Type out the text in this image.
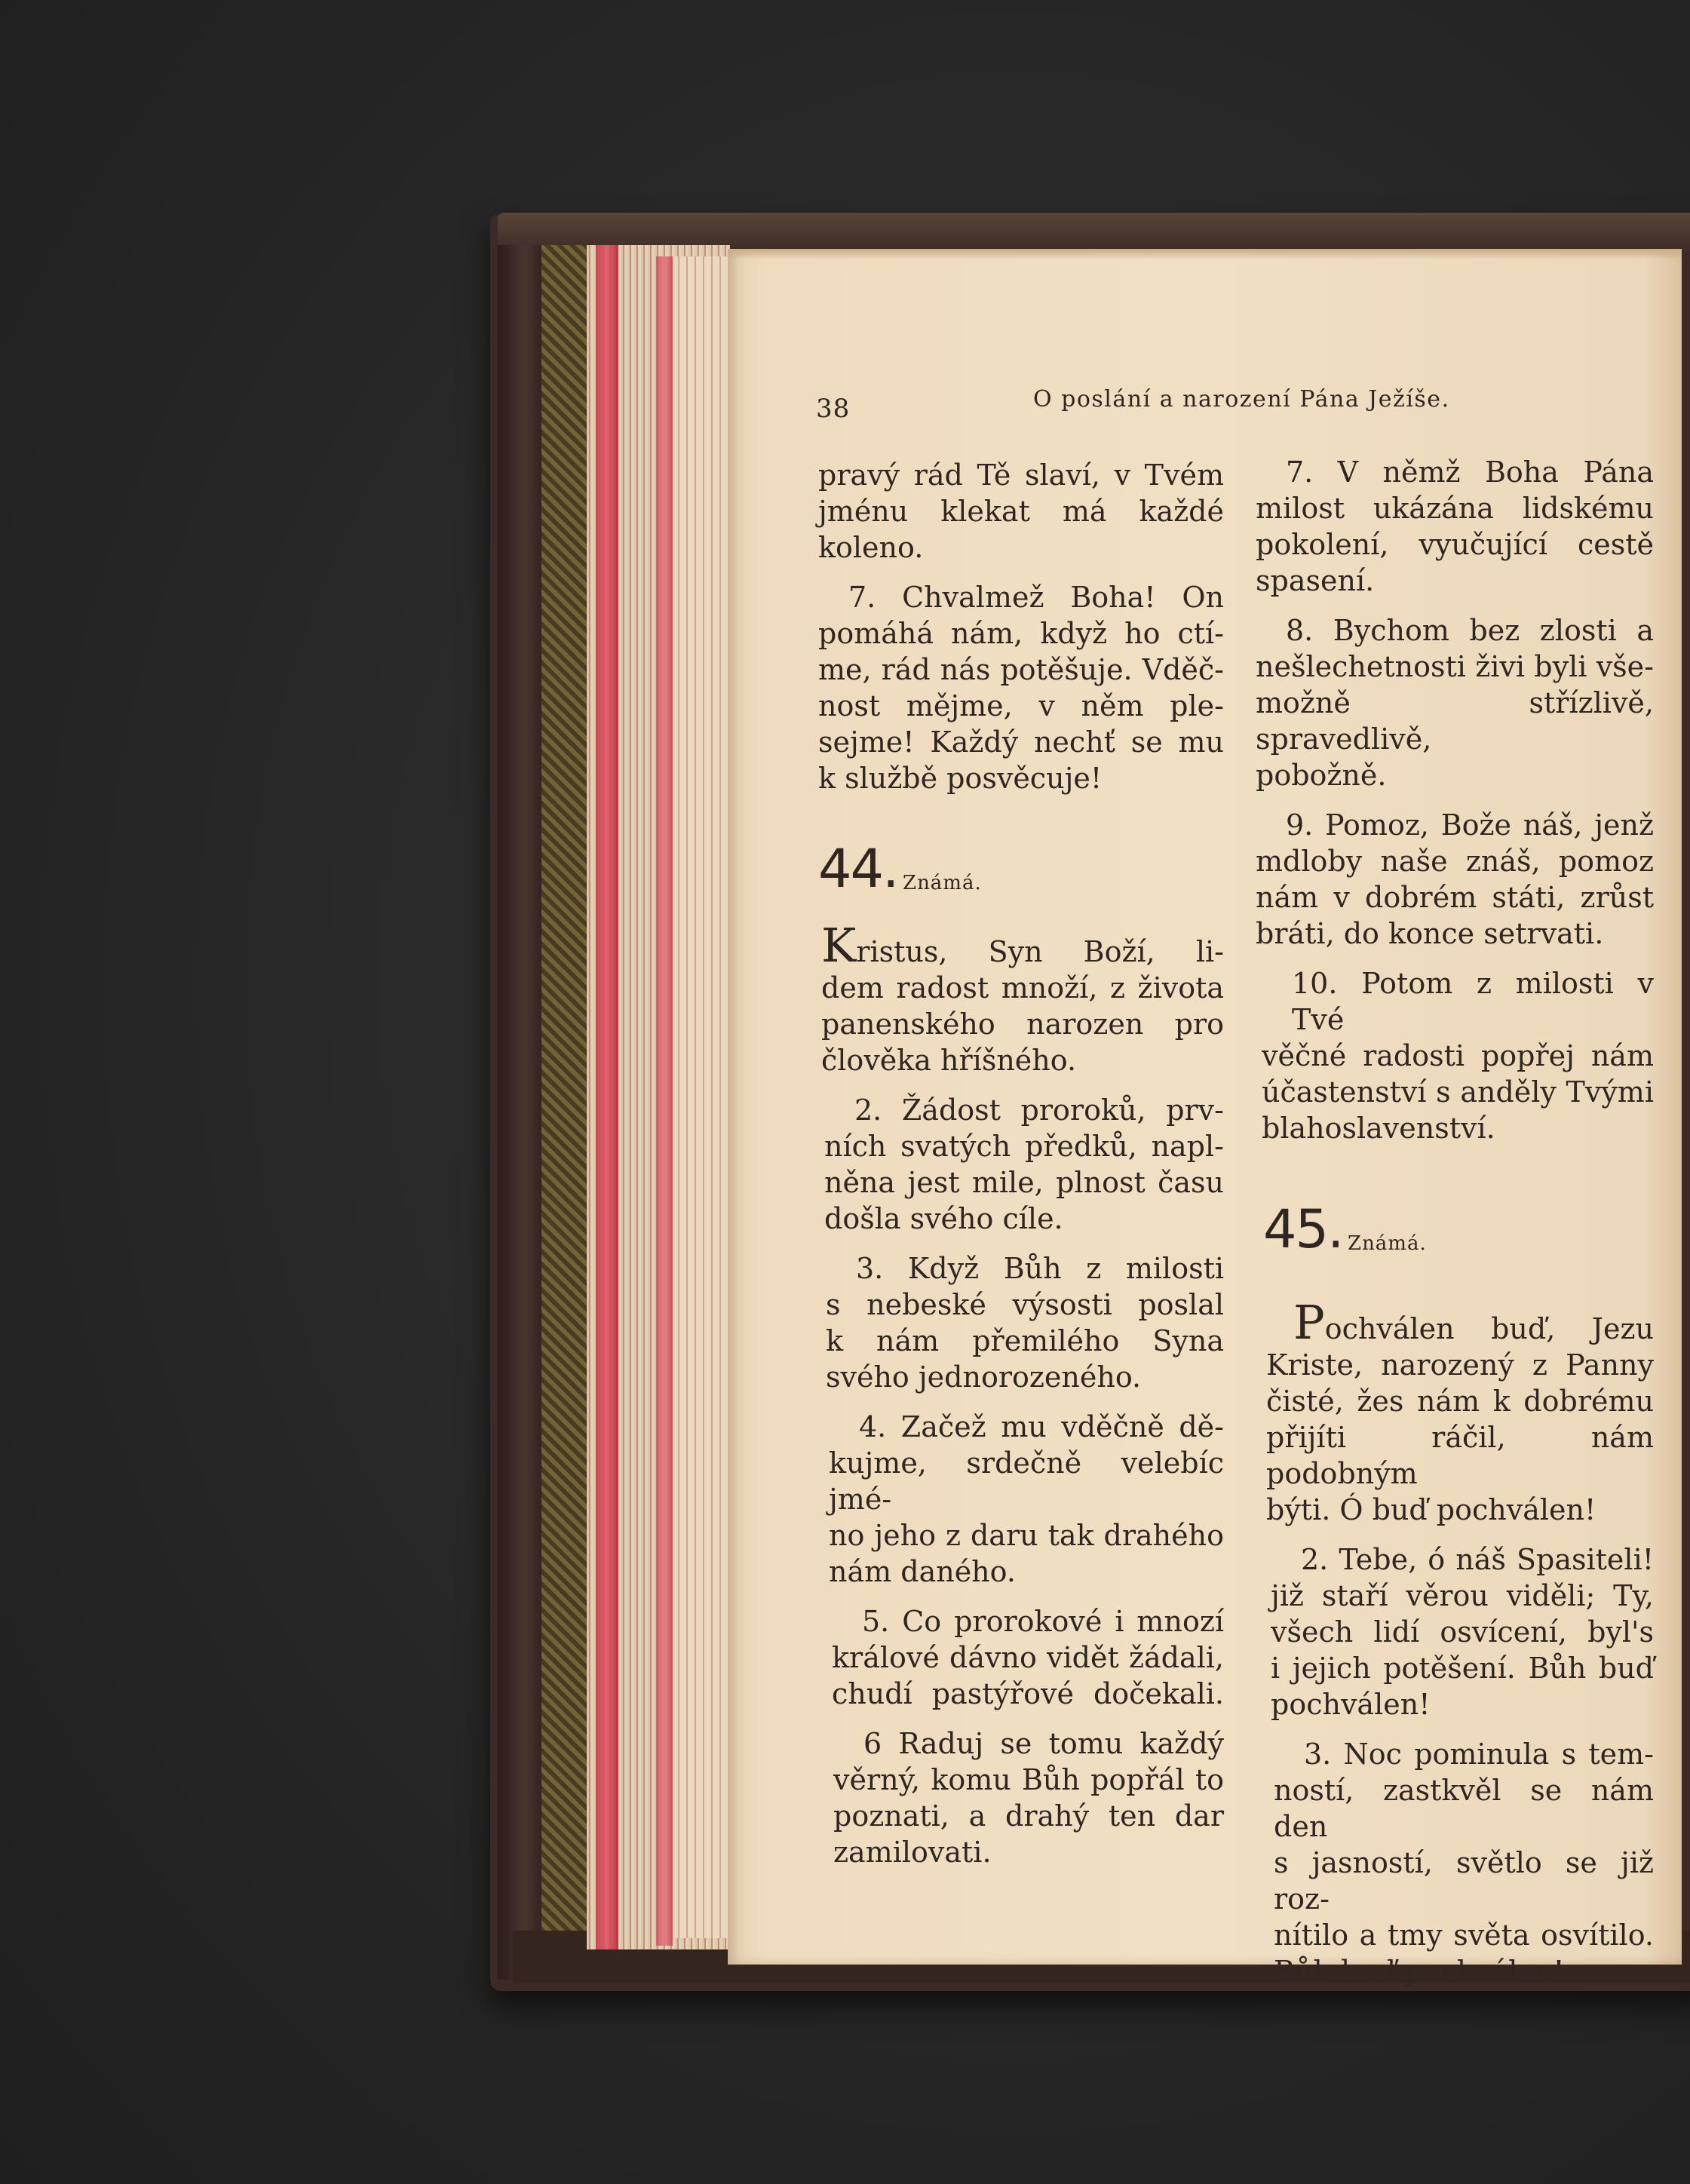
38	O poslání a narození Pána Ježíše.

pravý rád Tě slaví, v Tvém

jménu klekat má každé

koleno.

7. Chvalmež Boha! On

pomáhá nám, když ho ctí-

me, rád nás potěšuje. Vděč-

nost mějme, v něm ple-

sejme! Každý nechť se mu

k službě posvěcuje!

44. Známá.

Kristus, Syn Boží, li-

dem radost množí, z života

panenského narozen pro

člověka hříšného.

2. Žádost proroků, prv-

ních svatých předků, napl-

něna jest mile, plnost času

došla svého cíle.

3. Když Bůh z milosti

s nebeské výsosti poslal

k nám přemilého Syna

svého jednorozeného.

4. Začež mu vděčně dě-

kujme, srdečně velebíc jmé-

no jeho z daru tak drahého

nám daného.

5. Co prorokové i mnozí

králové dávno vidět žádali,

chudí pastýřové dočekali.

6 Raduj se tomu každý

věrný, komu Bůh popřál to

poznati, a drahý ten dar

zamilovati.

7. V němž Boha Pána

milost ukázána lidskému

pokolení, vyučující cestě

spasení.

8. Bychom bez zlosti a

nešlechetnosti živi byli vše-

možně střízlivě, spravedlivě,

pobožně.

9. Pomoz, Bože náš, jenž

mdloby naše znáš, pomoz

nám v dobrém státi, zrůst

bráti, do konce setrvati.

10. Potom z milosti v Tvé

věčné radosti popřej nám

účastenství s anděly Tvými

blahoslavenství.

45. Známá.

Pochválen buď, Jezu

Kriste, narozený z Panny

čisté, žes nám k dobrému

přijíti ráčil, nám podobným

býti. Ó buď pochválen!

2. Tebe, ó náš Spasiteli!

již staří věrou viděli; Ty,

všech lidí osvícení, byl's

i jejich potěšení. Bůh buď

pochválen!

3. Noc pominula s tem-

ností, zastkvěl se nám den

s jasností, světlo se již roz-

nítilo a tmy světa osvítilo.

Bůh buď pochválen!
